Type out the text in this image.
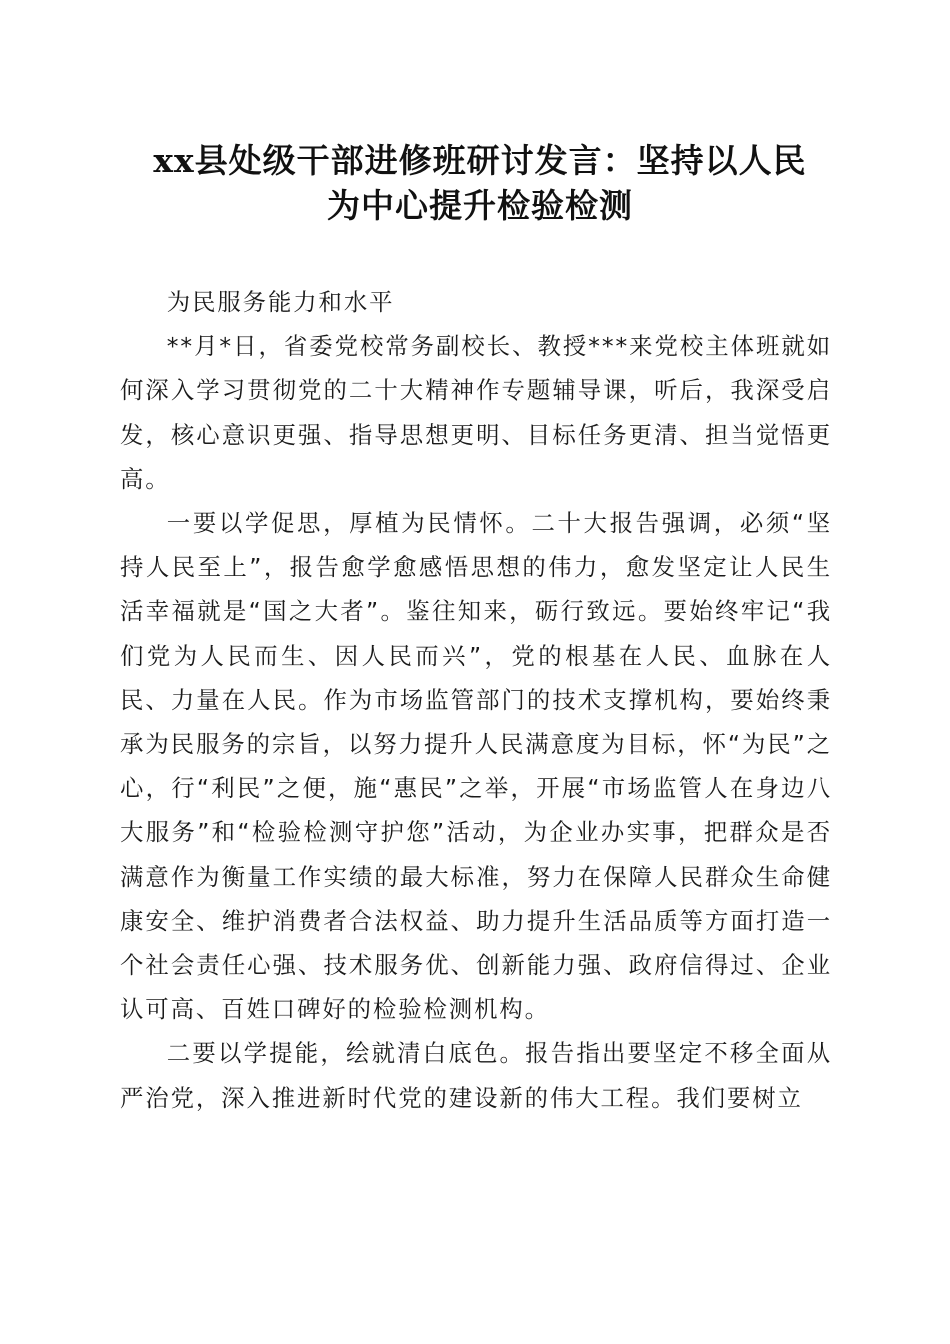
xx县处级干部进修班研讨发言：坚持以人民
为中心提升检验检测

为民服务能力和水平

**月*日，省委党校常务副校长、教授***来党校主体班就如何深入学习贯彻党的二十大精神作专题辅导课，听后，我深受启发，核心意识更强、指导思想更明、目标任务更清、担当觉悟更高。

一要以学促思，厚植为民情怀。二十大报告强调，必须“坚持人民至上”，报告愈学愈感悟思想的伟力，愈发坚定让人民生活幸福就是“国之大者”。鉴往知来，砺行致远。要始终牢记“我们党为人民而生、因人民而兴”，党的根基在人民、血脉在人民、力量在人民。作为市场监管部门的技术支撑机构，要始终秉承为民服务的宗旨，以努力提升人民满意度为目标，怀“为民”之心，行“利民”之便，施“惠民”之举，开展“市场监管人在身边八大服务”和“检验检测守护您”活动，为企业办实事，把群众是否满意作为衡量工作实绩的最大标准，努力在保障人民群众生命健康安全、维护消费者合法权益、助力提升生活品质等方面打造一个社会责任心强、技术服务优、创新能力强、政府信得过、企业认可高、百姓口碑好的检验检测机构。

二要以学提能，绘就清白底色。报告指出要坚定不移全面从严治党，深入推进新时代党的建设新的伟大工程。我们要树立
